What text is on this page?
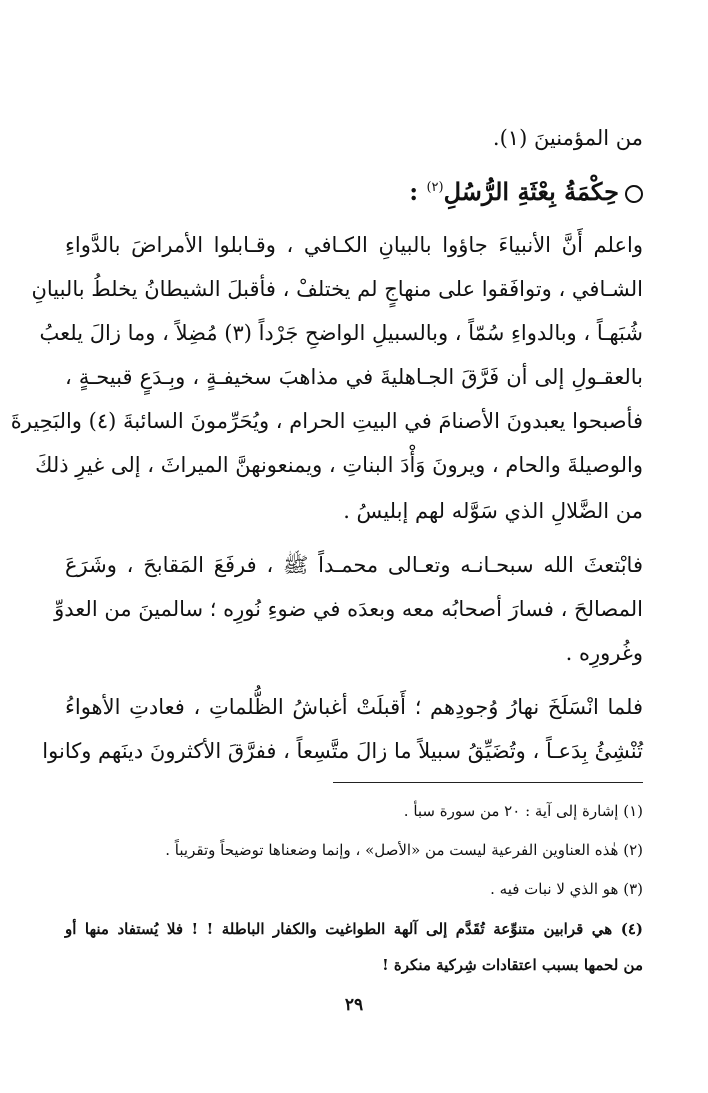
من المؤمنينَ (١).
حِكْمَةُ بِعْثَةِ الرُّسُلِ$^{(٢)}$ :
واعلم أَنَّ الأنبياءَ جاؤوا بالبيانِ الكـافي ، وقـابلوا الأمراضَ بالدَّواءِ
الشـافي ، وتوافَقوا على منهاجٍ لم يختلفْ ، فأقبلَ الشيطانُ يخلطُ بالبيانِ
شُبَهـاً ، وبالدواءِ سُمّاً ، وبالسبيلِ الواضحِ جَرْداً (٣) مُضِلاً ، وما زالَ يلعبُ
بالعقـولِ إلى أن فَرَّقَ الجـاهليةَ في مذاهبَ سخيفـةٍ ، وبِـدَعٍ قبيحـةٍ ،
فأصبحوا يعبدونَ الأصنامَ في البيتِ الحرام ، ويُحَرِّمونَ السائبةَ (٤) والبَحِيرةَ
والوصيلةَ والحام ، ويرونَ وَأْدَ البناتِ ، ويمنعونهنَّ الميراثَ ، إلى غيرِ ذلكَ
من الضَّلالِ الذي سَوَّله لهم إبليسُ .
فابْتعثَ الله سبحـانـه وتعـالى محمـداً ﷺ ، فرفَعَ المَقابحَ ، وشَرَعَ
المصالحَ ، فسارَ أصحابُه معه وبعدَه في ضوءِ نُورِه ؛ سالمينَ من العدوِّ
وغُرورِه .
فلما انْسَلَخَ نهارُ وُجودِهم ؛ أَقبلَتْ أغباشُ الظُّلماتِ ، فعادتِ الأهواءُ
تُنْشِئُ بِدَعـاً ، وتُضَيِّقُ سبيلاً ما زالَ متَّسِعاً ، ففرَّقَ الأكثرونَ دينَهم وكانوا
(١) إشارة إلى آية : ٢٠ من سورة سبأ .
(٢) هٰذه العناوين الفرعية ليست من «الأصل» ، وإنما وضعناها توضيحاً وتقريباً .
(٣) هو الذي لا نبات فيه .
(٤) هي قرابين متنوِّعة تُقَدَّم إلى آلهة الطواغيت والكفار الباطلة ! ! فلا يُستفاد منها أو
من لحمها بسبب اعتقادات شِركية منكرة !
٢٩
